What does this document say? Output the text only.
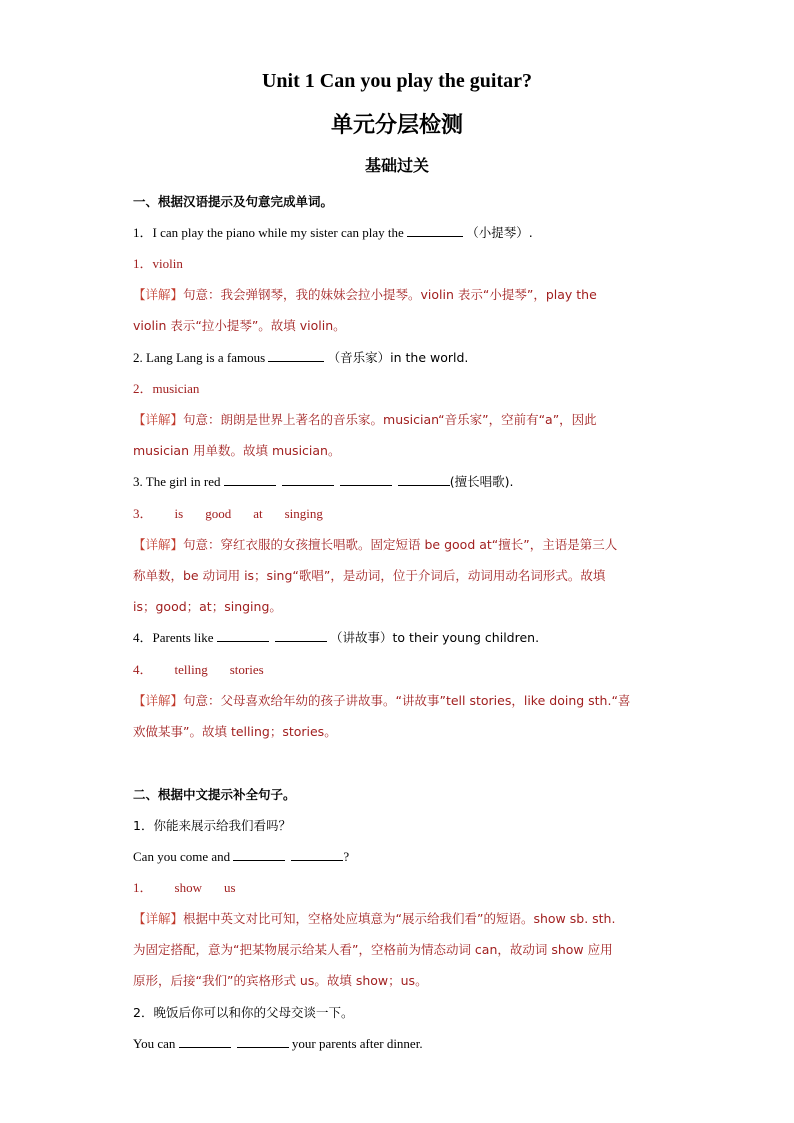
Unit 1 Can you play the guitar?
单元分层检测
基础过关
一、根据汉语提示及句意完成单词。
1．I can play the piano while my sister can play the	（小提琴）.
1．violin
【详解】句意：我会弹钢琴，我的妹妹会拉小提琴。violin 表示“小提琴”，play the
violin 表示“拉小提琴”。故填 violin。
2. Lang Lang is a famous	（音乐家）in the world.
2．musician
【详解】句意：朗朗是世界上著名的音乐家。musician“音乐家”，空前有“a”，因此
musician 用单数。故填 musician。
3. The girl in red	(擅长唱歌).
3． is good at singing
【详解】句意：穿红衣服的女孩擅长唱歌。固定短语 be good at“擅长”，主语是第三人
称单数，be 动词用 is；sing“歌唱”，是动词，位于介词后，动词用动名词形式。故填
is；good；at；singing。
4．Parents like	（讲故事）to their young children.
4． telling stories
【详解】句意：父母喜欢给年幼的孩子讲故事。“讲故事”tell stories，like doing sth.“喜
欢做某事”。故填 telling；stories。
二、根据中文提示补全句子。
1．你能来展示给我们看吗？
Can you come and	?
1． show us
【详解】根据中英文对比可知，空格处应填意为“展示给我们看”的短语。show sb. sth.
为固定搭配，意为“把某物展示给某人看”，空格前为情态动词 can，故动词 show 应用
原形，后接“我们”的宾格形式 us。故填 show；us。
2．晚饭后你可以和你的父母交谈一下。
You can	your parents after dinner.
